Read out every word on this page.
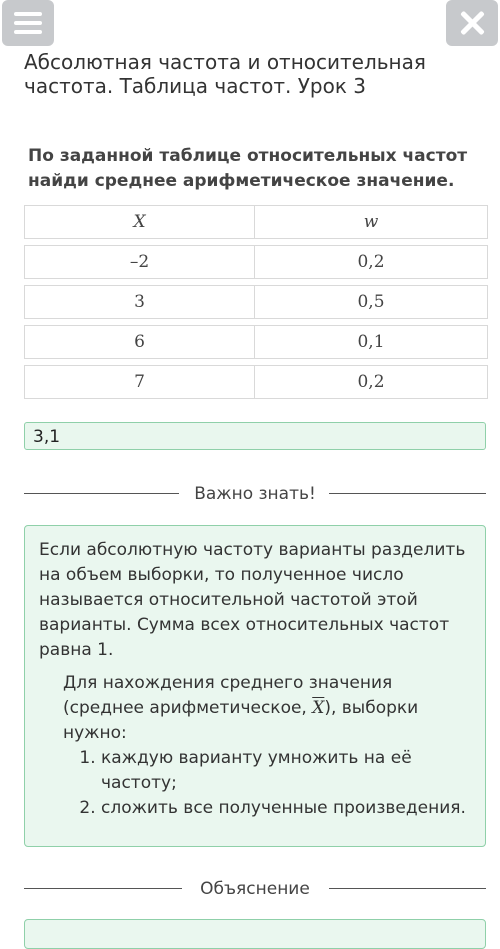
Абсолютная частота и относительная частота. Таблица частот. Урок 3
По заданной таблице относительных частот найди среднее арифметическое значение.
X	w
–2	0,2
3	0,5
6	0,1
7	0,2
3,1
Важно знать!

Если абсолютную частоту варианты разделить на объем выборки, то полученное число называется относительной частотой этой варианты. Сумма всех относительных частот равна 1.

Для нахождения среднего значения (среднее арифметическое, $\overline{X}$), выборки нужно:
1. каждую варианту умножить на её частоту;
2. сложить все полученные произведения.
Объяснение
